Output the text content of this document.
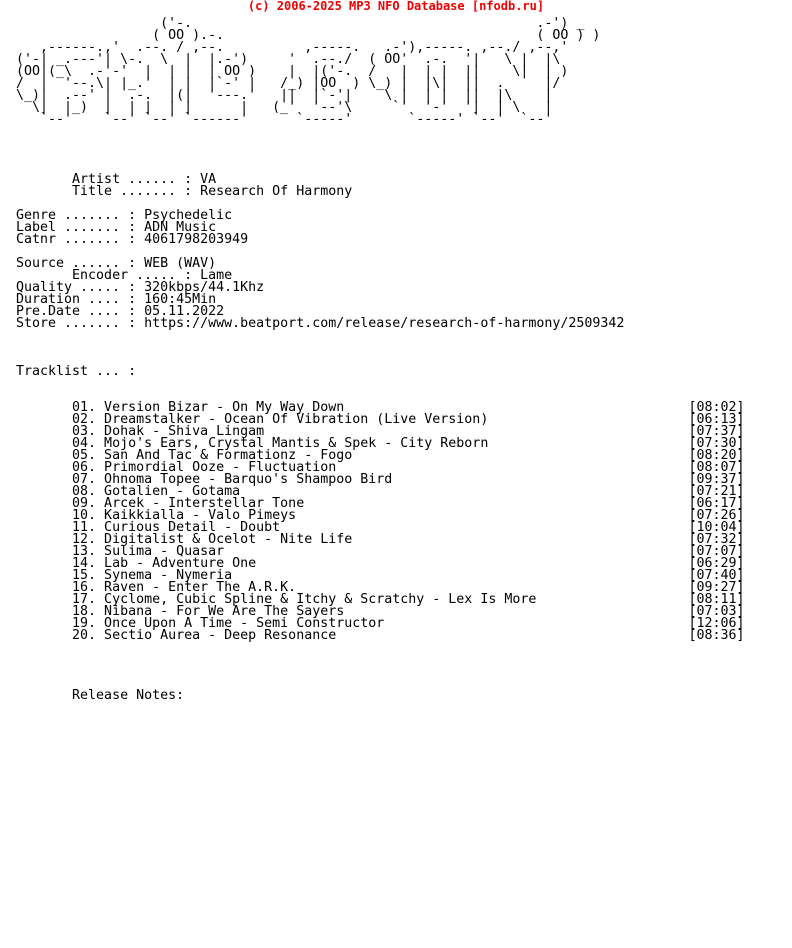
(c) 2006-2025 MP3 NFO Database [nfodb.ru]
('-.                                           .-') _
( OO ).-.                                       ( OO ) )
,------.,'  .--. / ,--.          ,-----.   .-'),-----. ,--./ ,--,'
('-| _.---'| \-.  \  |  |.-')     '  .--./  ( OO'  .-.  '|   \ |  |\
(OO|(_\  .-'-'  |  | |  | OO )    |  |('-.  /   |  | |  ||    \|  | )
/  |  '--.\| |_.'  | |  |`-' |   /_) |OO  ) \_) |  |\|  ||  .     |/
\_)|  .--' |  .-.  |(|  '---.'   ||  |`-'|    \ |  | |  ||  |\    |
\|  |_)  |  | |  | |      |   (_'  '--'\     `'  '-'  '|  | \   |
`--'    `--' `--' `------'      `-----'       `-----' `--'  `--'
Artist ...... : VA
Title ....... : Research Of Harmony
Genre ....... : Psychedelic
Label ....... : ADN Music
Catnr ....... : 4061798203949
Source ...... : WEB (WAV)
Encoder ..... : Lame
Quality ..... : 320kbps/44.1Khz
Duration .... : 160:45Min
Pre.Date .... : 05.11.2022
Store ....... : https://www.beatport.com/release/research-of-harmony/2509342
Tracklist ... :
01. Version Bizar - On My Way Down                                           [08:02]
02. Dreamstalker - Ocean Of Vibration (Live Version)                         [06:13]
03. Dohak - Shiva Lingam                                                     [07:37]
04. Mojo's Ears, Crystal Mantis & Spek - City Reborn                         [07:30]
05. San And Tac & Formationz - Fogo                                          [08:20]
06. Primordial Ooze - Fluctuation                                            [08:07]
07. Ohnoma Topee - Barquo's Shampoo Bird                                     [09:37]
08. Gotalien - Gotama                                                        [07:21]
09. Arcek - Interstellar Tone                                                [06:17]
10. Kaikkialla - Valo Pimeys                                                 [07:26]
11. Curious Detail - Doubt                                                   [10:04]
12. Digitalist & Ocelot - Nite Life                                          [07:32]
13. Sulima - Quasar                                                          [07:07]
14. Lab - Adventure One                                                      [06:29]
15. Synema - Nymeria                                                         [07:40]
16. Raven - Enter The A.R.K.                                                 [09:27]
17. Cyclome, Cubic Spline & Itchy & Scratchy - Lex Is More                   [08:11]
18. Nibana - For We Are The Sayers                                           [07:03]
19. Once Upon A Time - Semi Constructor                                      [12:06]
20. Sectio Aurea - Deep Resonance                                            [08:36]
Release Notes:
